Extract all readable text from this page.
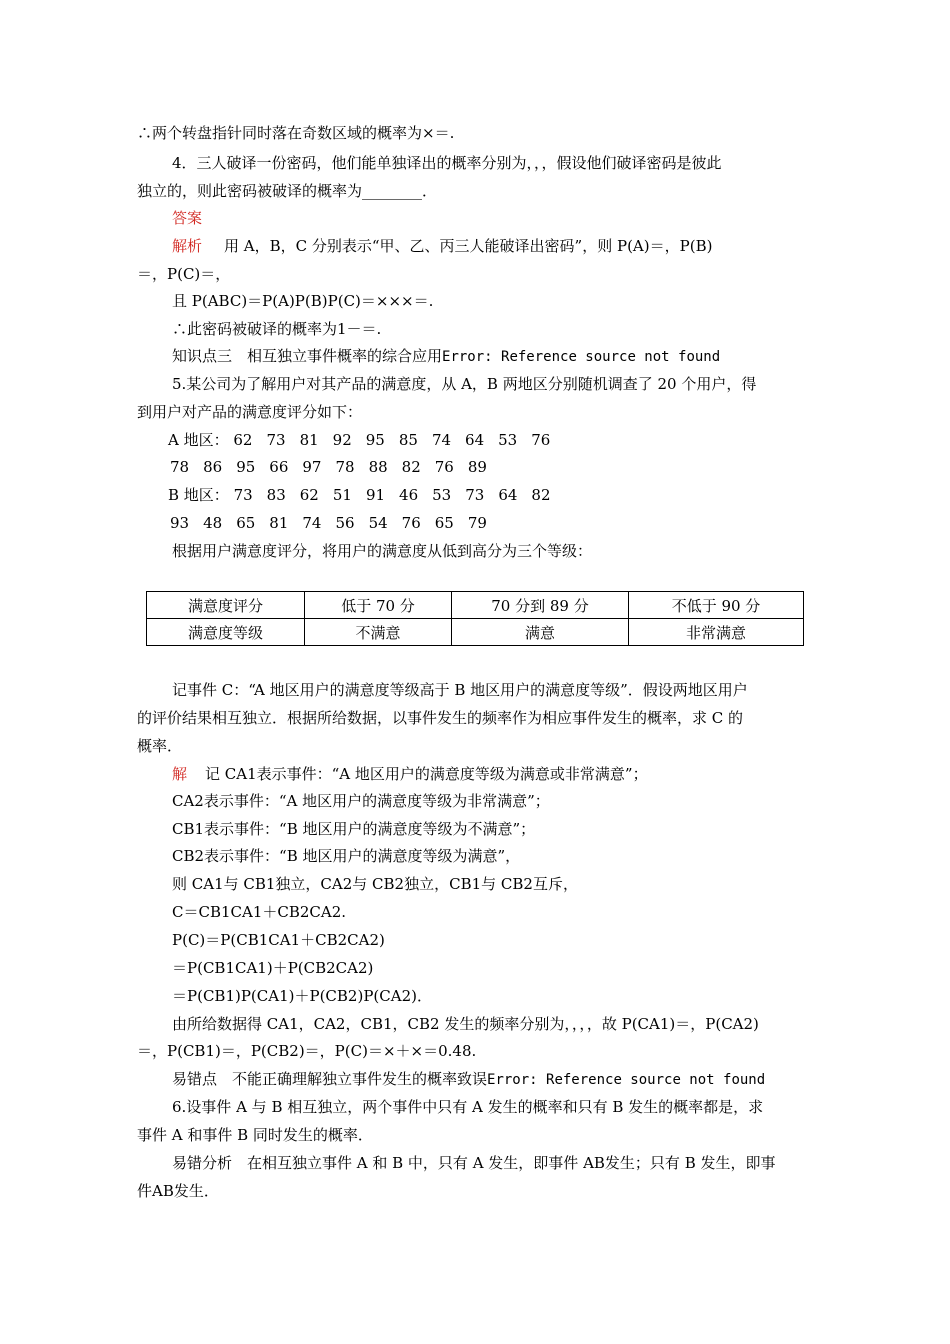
∴两个转盘指针同时落在奇数区域的概率为×＝.
4．三人破译一份密码，他们能单独译出的概率分别为，，，假设他们破译密码是彼此
独立的，则此密码被破译的概率为________．
答案
解析 用 A，B，C 分别表示“甲、乙、丙三人能破译出密码”，则 P(A)＝，P(B)
＝，P(C)＝，
且 P(ABC)＝P(A)P(B)P(C)＝×××＝.
∴此密码被破译的概率为1－＝.
知识点三　相互独立事件概率的综合应用Error: Reference source not found
5.某公司为了解用户对其产品的满意度，从 A，B 两地区分别随机调查了 20 个用户，得
到用户对产品的满意度评分如下：
A 地区： 62 73 81 92 95 85 74 64 53 76
78 86 95 66 97 78 88 82 76 89
B 地区： 73 83 62 51 91 46 53 73 64 82
93 48 65 81 74 56 54 76 65 79
根据用户满意度评分，将用户的满意度从低到高分为三个等级：
满意度评分	低于 70 分	70 分到 89 分	不低于 90 分
满意度等级	不满意	满意	非常满意
记事件 C：“A 地区用户的满意度等级高于 B 地区用户的满意度等级”．假设两地区用户
的评价结果相互独立．根据所给数据，以事件发生的频率作为相应事件发生的概率，求 C 的
概率．
解 记 CA1表示事件：“A 地区用户的满意度等级为满意或非常满意”；
CA2表示事件：“A 地区用户的满意度等级为非常满意”；
CB1表示事件：“B 地区用户的满意度等级为不满意”；
CB2表示事件：“B 地区用户的满意度等级为满意”，
则 CA1与 CB1独立，CA2与 CB2独立，CB1与 CB2互斥，
C＝CB1CA1＋CB2CA2.
P(C)＝P(CB1CA1＋CB2CA2)
＝P(CB1CA1)＋P(CB2CA2)
＝P(CB1)P(CA1)＋P(CB2)P(CA2)．
由所给数据得 CA1，CA2，CB1，CB2 发生的频率分别为，，，，故 P(CA1)＝，P(CA2)
＝，P(CB1)＝，P(CB2)＝，P(C)＝×＋×＝0.48.
易错点　不能正确理解独立事件发生的概率致误Error: Reference source not found
6.设事件 A 与 B 相互独立，两个事件中只有 A 发生的概率和只有 B 发生的概率都是，求
事件 A 和事件 B 同时发生的概率．
易错分析　在相互独立事件 A 和 B 中，只有 A 发生，即事件 AB发生；只有 B 发生，即事
件AB发生．
